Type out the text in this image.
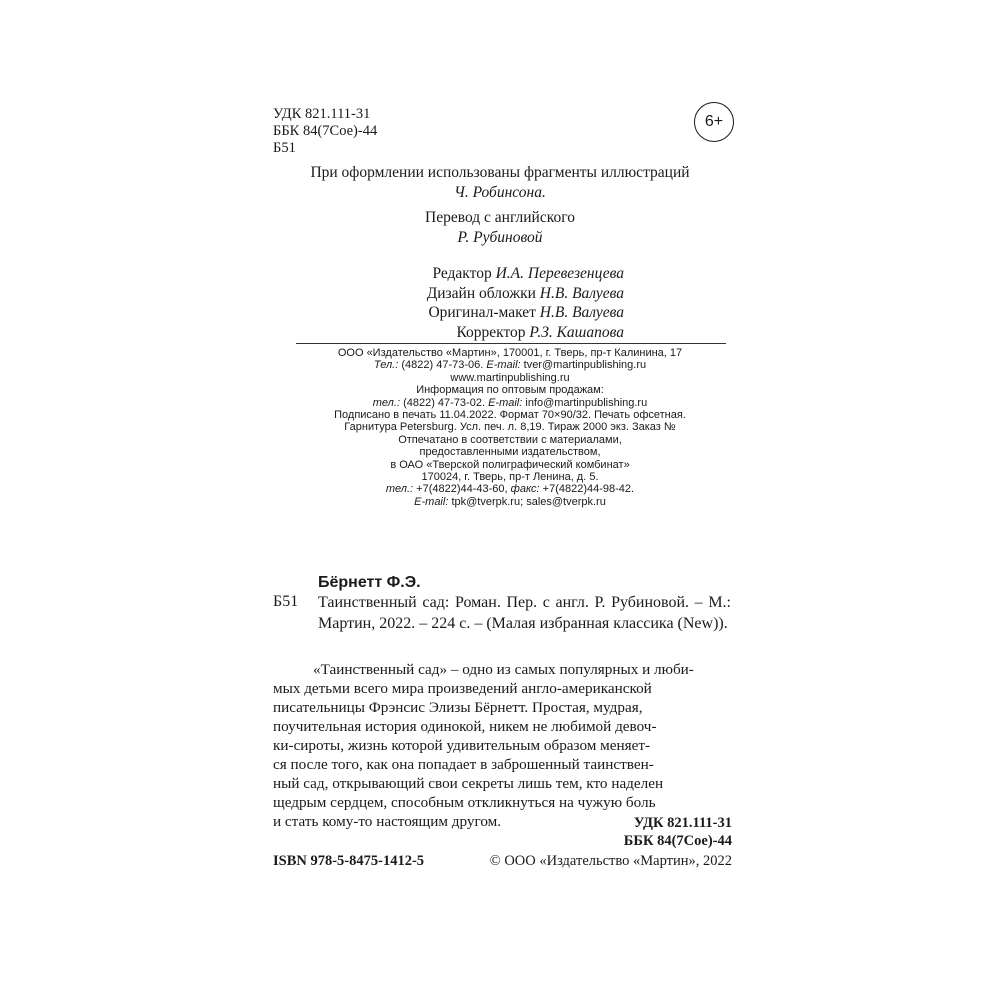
УДК 821.111-31
ББК 84(7Сое)-44
Б51
6+
При оформлении использованы фрагменты иллюстраций
Ч. Робинсона.
Перевод с английского
Р. Рубиновой
Редактор И.А. Перевезенцева
Дизайн обложки Н.В. Валуева
Оригинал-макет Н.В. Валуева
Корректор Р.З. Кашапова
ООО «Издательство «Мартин», 170001, г. Тверь, пр-т Калинина, 17
Тел.: (4822) 47-73-06. E-mail: tver@martinpublishing.ru
www.martinpublishing.ru
Информация по оптовым продажам:
тел.: (4822) 47-73-02. E-mail: info@martinpublishing.ru
Подписано в печать 11.04.2022. Формат 70×90/32. Печать офсетная.
Гарнитура Petersburg. Усл. печ. л. 8,19. Тираж 2000 экз. Заказ №
Отпечатано в соответствии с материалами,
предоставленными издательством,
в ОАО «Тверской полиграфический комбинат»
170024, г. Тверь, пр-т Ленина, д. 5.
тел.: +7(4822)44-43-60, факс: +7(4822)44-98-42.
E-mail: tpk@tverpk.ru; sales@tverpk.ru
Бёрнетт Ф.Э.
Б51 Таинственный сад: Роман. Пер. с англ. Р. Рубиновой. – М.: Мартин, 2022. – 224 с. – (Малая избранная классика (New)).
«Таинственный сад» – одно из самых популярных и люби-
мых детьми всего мира произведений англо-американской
писательницы Фрэнсис Элизы Бёрнетт. Простая, мудрая,
поучительная история одинокой, никем не любимой девоч-
ки-сироты, жизнь которой удивительным образом меняет-
ся после того, как она попадает в заброшенный таинствен-
ный сад, открывающий свои секреты лишь тем, кто наделен
щедрым сердцем, способным откликнуться на чужую боль
и стать кому-то настоящим другом.	УДК 821.111-31
ББК 84(7Сое)-44
ISBN 978-5-8475-1412-5	© ООО «Издательство «Мартин», 2022
